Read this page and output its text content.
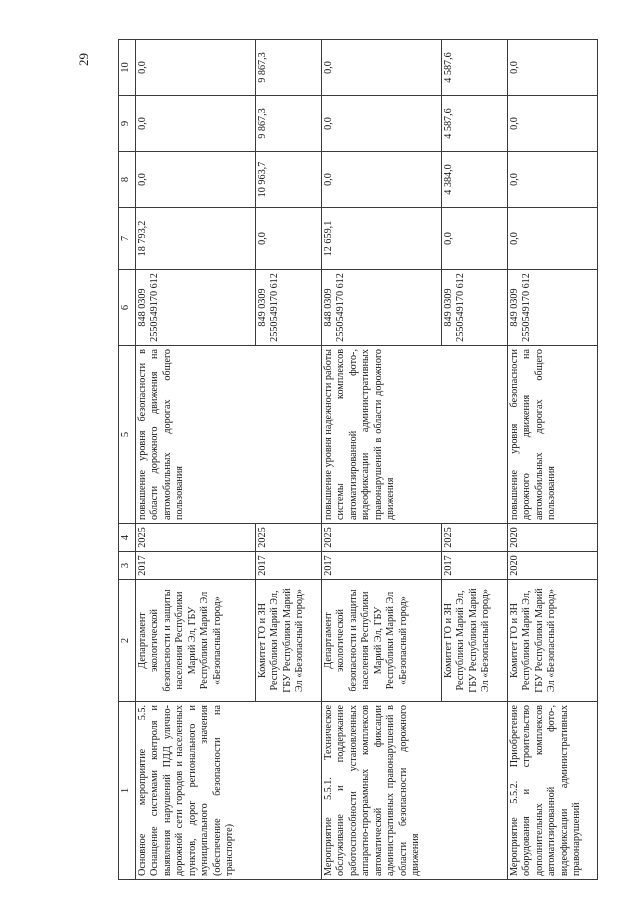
29
1	2	3	4	5	6	7	8	9	10
Основное мероприятие 5.5. Оснащение системами контроля и выявления нарушений ПДД улично-дорожной сети городов и населенных пунктов, дорог регионального и муниципального значения (обеспечение безопасности на транспорте)	Департамент экологической безопасности и защиты населения Республики Марий Эл, ГБУ Республики Марий Эл «Безопасный город»	2017	2025	повышение уровня безопасности в области дорожного движения на автомобильных дорогах общего пользования	848 0309 2550549170 612	18 793,2	0,0	0,0	0,0
	Комитет ГО и ЗН Республики Марий Эл, ГБУ Республики Марий Эл «Безопасный город»	2017	2025		849 0309 2550549170 612	0,0	10 963,7	9 867,3	9 867,3
Мероприятие 5.5.1. Техническое обслуживание и поддержание работоспособности установленных аппаратно-программных комплексов автоматической фиксации административных правонарушений в области безопасности дорожного движения	Департамент экологической безопасности и защиты населения Республики Марий Эл, ГБУ Республики Марий Эл «Безопасный город»	2017	2025	повышение уровня надежности работы системы комплексов автоматизированной фото-, видеофиксации административных правонарушений в области дорожного движения	848 0309 2550549170 612	12 659,1	0,0	0,0	0,0
	Комитет ГО и ЗН Республики Марий Эл, ГБУ Республики Марий Эл «Безопасный город»	2017	2025		849 0309 2550549170 612	0,0	4 384,0	4 587,6	4 587,6
Мероприятие 5.5.2. Приобретение оборудования и строительство дополнительных комплексов автоматизированной фото-, видеофиксации административных правонарушений	Комитет ГО и ЗН Республики Марий Эл, ГБУ Республики Марий Эл «Безопасный город»	2020	2020	повышение уровня безопасности дорожного движения на автомобильных дорогах общего пользования	849 0309 2550549170 612	0,0	0,0	0,0	0,0
